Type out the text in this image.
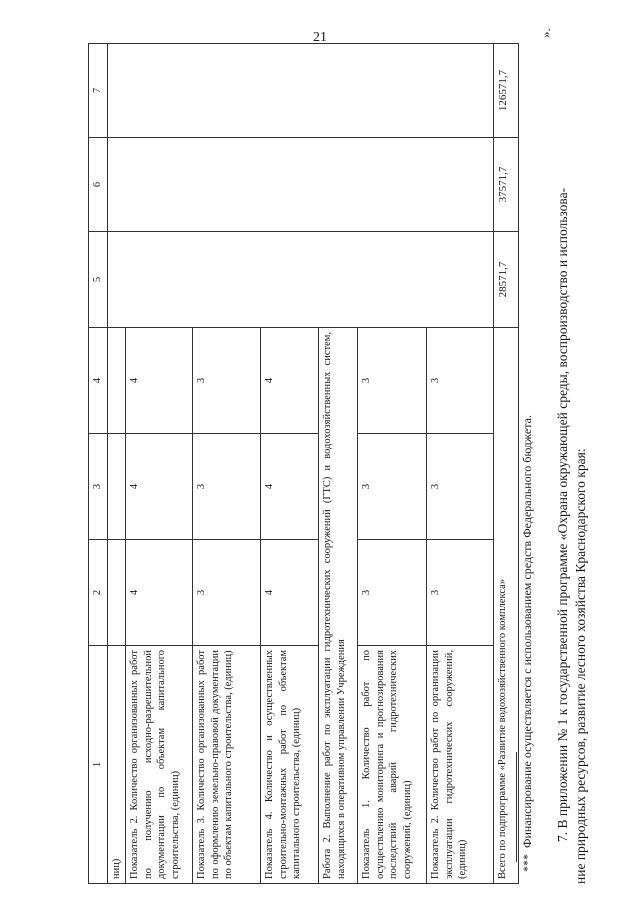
21
1	2	3	4	5	6	7
ниц)						
Показатель 2. Количество организованных работ по получению исходно-разрешительной документации по объектам капитального строительства, (единиц)	4	4	4			
Показатель 3. Количество организованных работ по оформлению земельно-правовой документации по объектам капитального строительства, (единиц)	3	3	3			
Показатель 4. Количество и осуществленных строительно-монтажных работ по объектам капитального строительства, (единиц)	4	4	4			
Работа 2. Выполнение работ по эксплуатации гидротехнических сооружений (ГТС) и водохозяйственных систем, находящихся в оперативном управлении Учреждения						
Показатель 1. Количество работ по осуществлению мониторинга и прогнозирования последствий аварий гидротехнических сооружений, (единиц)	3	3	3			
Показатель 2. Количество работ по организации эксплуатации гидротехнических сооружений, (единиц)	3	3	3			
Всего по подпрограмме «Развитие водохозяйственного комплекса»				28571,7	37571,7	126571,7
».
***Финансирование осуществляется с использованием средств Федерального бюджета. 7. В приложении № 1 к государственной программе «Охрана окружающей среды, воспроизводство и использова- ние природных ресурсов, развитие лесного хозяйства Краснодарского края:
